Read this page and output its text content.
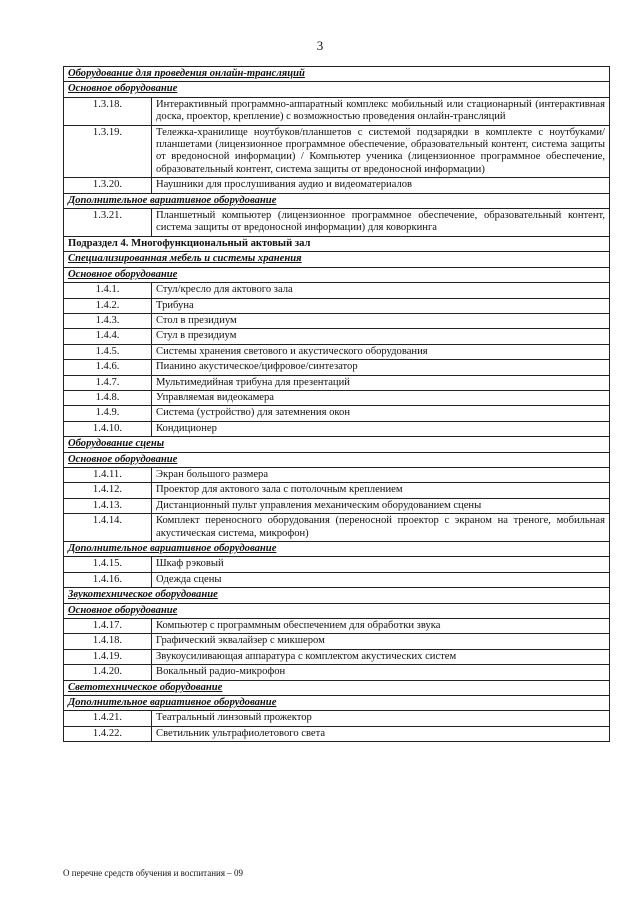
3
Оборудование для проведения онлайн-трансляций	
Основное оборудование	
1.3.18.	Интерактивный программно-аппаратный комплекс мобильный или стационарный (интерактивная доска, проектор, крепление) с возможностью проведения онлайн-трансляций
1.3.19.	Тележка-хранилище ноутбуков/планшетов с системой подзарядки в комплекте с ноутбуками/планшетами (лицензионное программное обеспечение, образовательный контент, система защиты от вредоносной информации) / Компьютер ученика (лицензионное программное обеспечение, образовательный контент, система защиты от вредоносной информации)
1.3.20.	Наушники для прослушивания аудио и видеоматериалов
Дополнительное вариативное оборудование	
1.3.21.	Планшетный компьютер (лицензионное программное обеспечение, образовательный контент, система защиты от вредоносной информации) для коворкинга
Подраздел 4. Многофункциональный актовый зал	
Специализированная мебель и системы хранения	
Основное оборудование	
1.4.1.	Стул/кресло для актового зала
1.4.2.	Трибуна
1.4.3.	Стол в президиум
1.4.4.	Стул в президиум
1.4.5.	Системы хранения светового и акустического оборудования
1.4.6.	Пианино акустическое/цифровое/синтезатор
1.4.7.	Мультимедийная трибуна для презентаций
1.4.8.	Управляемая видеокамера
1.4.9.	Система (устройство) для затемнения окон
1.4.10.	Кондиционер
Оборудование сцены	
Основное оборудование	
1.4.11.	Экран большого размера
1.4.12.	Проектор для актового зала с потолочным креплением
1.4.13.	Дистанционный пульт управления механическим оборудованием сцены
1.4.14.	Комплект переносного оборудования (переносной проектор с экраном на треноге, мобильная акустическая система, микрофон)
Дополнительное вариативное оборудование	
1.4.15.	Шкаф рэковый
1.4.16.	Одежда сцены
Звукотехническое оборудование	
Основное оборудование	
1.4.17.	Компьютер с программным обеспечением для обработки звука
1.4.18.	Графический эквалайзер с микшером
1.4.19.	Звукоусиливающая аппаратура с комплектом акустических систем
1.4.20.	Вокальный радио-микрофон
Светотехническое оборудование	
Дополнительное вариативное оборудование	
1.4.21.	Театральный линзовый прожектор
1.4.22.	Светильник ультрафиолетового света
О перечне средств обучения и воспитания – 09
